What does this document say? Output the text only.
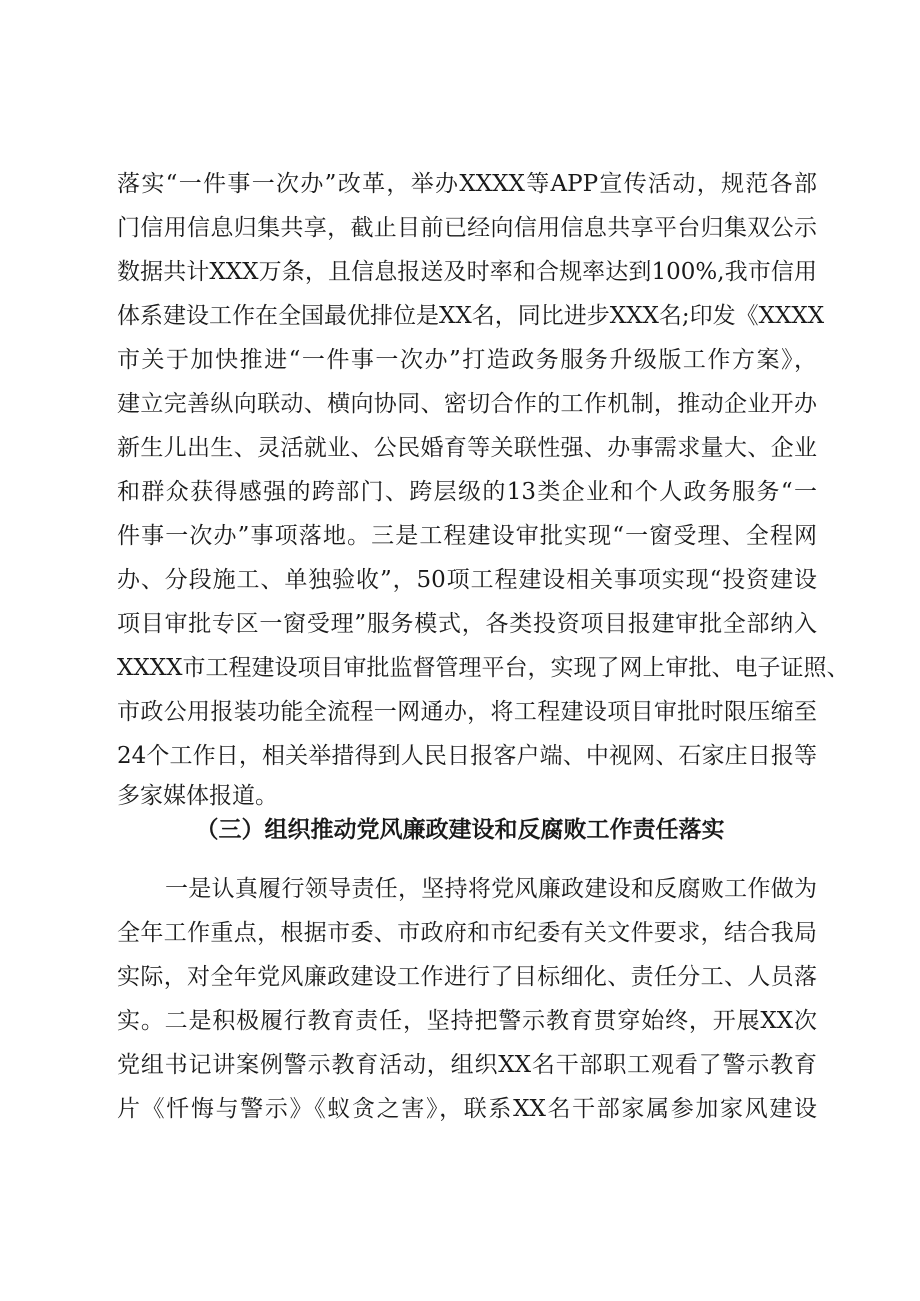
落实“一件事一次办”改革，举办XXXX等APP宣传活动，规范各部
门信用信息归集共享，截止目前已经向信用信息共享平台归集双公示
数据共计XXX万条，且信息报送及时率和合规率达到100%,我市信用
体系建设工作在全国最优排位是XX名，同比进步XXX名;印发《XXXX
市关于加快推进“一件事一次办”打造政务服务升级版工作方案》，
建立完善纵向联动、横向协同、密切合作的工作机制，推动企业开办
新生儿出生、灵活就业、公民婚育等关联性强、办事需求量大、企业
和群众获得感强的跨部门、跨层级的13类企业和个人政务服务“一
件事一次办”事项落地。三是工程建设审批实现“一窗受理、全程网
办、分段施工、单独验收”，50项工程建设相关事项实现“投资建设
项目审批专区一窗受理”服务模式，各类投资项目报建审批全部纳入
XXXX市工程建设项目审批监督管理平台，实现了网上审批、电子证照、
市政公用报装功能全流程一网通办，将工程建设项目审批时限压缩至
24个工作日，相关举措得到人民日报客户端、中视网、石家庄日报等
多家媒体报道。
（三）组织推动党风廉政建设和反腐败工作责任落实
一是认真履行领导责任，坚持将党风廉政建设和反腐败工作做为
全年工作重点，根据市委、市政府和市纪委有关文件要求，结合我局
实际，对全年党风廉政建设工作进行了目标细化、责任分工、人员落
实。二是积极履行教育责任，坚持把警示教育贯穿始终，开展XX次
党组书记讲案例警示教育活动，组织XX名干部职工观看了警示教育
片《忏悔与警示》《蚁贪之害》，联系XX名干部家属参加家风建设
